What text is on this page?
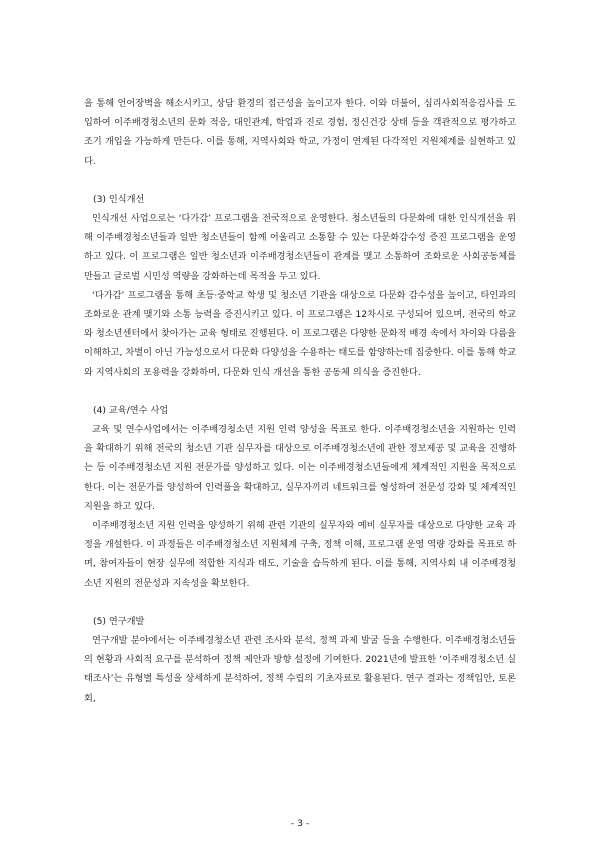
을 통해 언어장벽을 해소시키고, 상담 환경의 접근성을 높이고자 한다. 이와 더불어, 심리사회적응검사를 도입하여 이주배경청소년의 문화 적응, 대인관계, 학업과 진로 경험, 정신건강 상태 등을 객관적으로 평가하고 조기 개입을 가능하게 만든다. 이를 통해, 지역사회와 학교, 가정이 연계된 다각적인 지원체계를 실현하고 있다.

(3) 인식개선

인식개선 사업으로는 ‘다가감’ 프로그램을 전국적으로 운영한다. 청소년들의 다문화에 대한 인식개선을 위해 이주배경청소년들과 일반 청소년들이 함께 어울리고 소통할 수 있는 다문화감수성 증진 프로그램을 운영하고 있다. 이 프로그램은 일반 청소년과 이주배경청소년들이 관계를 맺고 소통하여 조화로운 사회공동체를 만들고 글로벌 시민성 역량을 강화하는데 목적을 두고 있다.

‘다가감’ 프로그램을 통해 초등·중학교 학생 및 청소년 기관을 대상으로 다문화 감수성을 높이고, 타인과의 조화로운 관계 맺기와 소통 능력을 증진시키고 있다. 이 프로그램은 12차시로 구성되어 있으며, 전국의 학교와 청소년센터에서 찾아가는 교육 형태로 진행된다. 이 프로그램은 다양한 문화적 배경 속에서 차이와 다름을 이해하고, 차별이 아닌 가능성으로서 다문화 다양성을 수용하는 태도를 함양하는데 집중한다. 이를 통해 학교와 지역사회의 포용력을 강화하며, 다문화 인식 개선을 통한 공동체 의식을 증진한다.

(4) 교육/연수 사업

교육 및 연수사업에서는 이주배경청소년 지원 인력 양성을 목표로 한다. 이주배경청소년을 지원하는 인력을 확대하기 위해 전국의 청소년 기관 실무자를 대상으로 이주배경청소년에 관한 정보제공 및 교육을 진행하는 등 이주배경청소년 지원 전문가를 양성하고 있다. 이는 이주배경청소년들에게 체계적인 지원을 목적으로 한다. 이는 전문가를 양성하여 인력풀을 확대하고, 실무자끼리 네트워크를 형성하여 전문성 강화 및 체계적인 지원을 하고 있다.

이주배경청소년 지원 인력을 양성하기 위해 관련 기관의 실무자와 예비 실무자를 대상으로 다양한 교육 과정을 개설한다. 이 과정들은 이주배경청소년 지원체계 구축, 정책 이해, 프로그램 운영 역량 강화를 목표로 하며, 참여자들이 현장 실무에 적합한 지식과 태도, 기술을 습득하게 된다. 이를 통해, 지역사회 내 이주배경청소년 지원의 전문성과 지속성을 확보한다.

(5) 연구개발

연구개발 분야에서는 이주배경청소년 관련 조사와 분석, 정책 과제 발굴 등을 수행한다. 이주배경청소년들의 현황과 사회적 요구를 분석하여 정책 제안과 방향 설정에 기여한다. 2021년에 발표한 ‘이주배경청소년 실태조사’는 유형별 특성을 상세하게 분석하여, 정책 수립의 기초자료로 활용된다. 연구 결과는 정책입안, 토론회,

- 3 -
